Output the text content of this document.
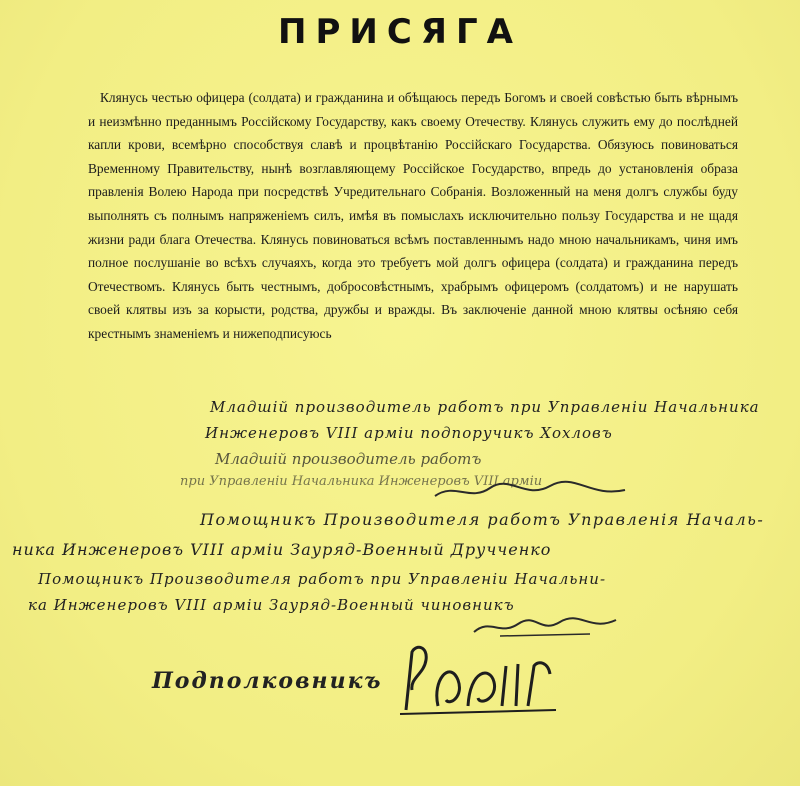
ПРИСЯГА
Клянусь честью офицера (солдата) и гражданина и обѣщаюсь передъ Богомъ и своей совѣстью быть вѣрнымъ и неизмѣнно преданнымъ Россійскому Государству, какъ своему Отечеству. Клянусь служить ему до послѣдней капли крови, всемѣрно способствуя славѣ и процвѣтанію Россійскаго Государства. Обязуюсь повиноваться Временному Правительству, нынѣ возглавляющему Россійское Государство, впредь до установленія образа правленія Волею Народа при посредствѣ Учредительнаго Собранія. Возложенный на меня долгъ службы буду выполнять съ полнымъ напряженіемъ силъ, имѣя въ помыслахъ исключительно пользу Государства и не щадя жизни ради блага Отечества. Клянусь повиноваться всѣмъ поставленнымъ надо мною начальникамъ, чиня имъ полное послушаніе во всѣхъ случаяхъ, когда это требуетъ мой долгъ офицера (солдата) и гражданина передъ Отечествомъ. Клянусь быть честнымъ, добросовѣстнымъ, храбрымъ офицеромъ (солдатомъ) и не нарушать своей клятвы изъ за корысти, родства, дружбы и вражды. Въ заключеніе данной мною клятвы осѣняю себя крестнымъ знаменіемъ и нижеподписуюсь
Младшій производитель работъ при Управленіи Начальника
Инженеровъ VIII арміи подпоручикъ Хохловъ
Младшій производитель работъ
при Управленіи Начальника Инженеровъ VIII арміи
Помощникъ Производителя работъ Управленія Началь-
ника Инженеровъ VIII арміи Зауряд-Военный Дручченко
Помощникъ Производителя работъ при Управленіи Начальни-
ка Инженеровъ VIII арміи Зауряд-Военный чиновникъ
Подполковникъ
